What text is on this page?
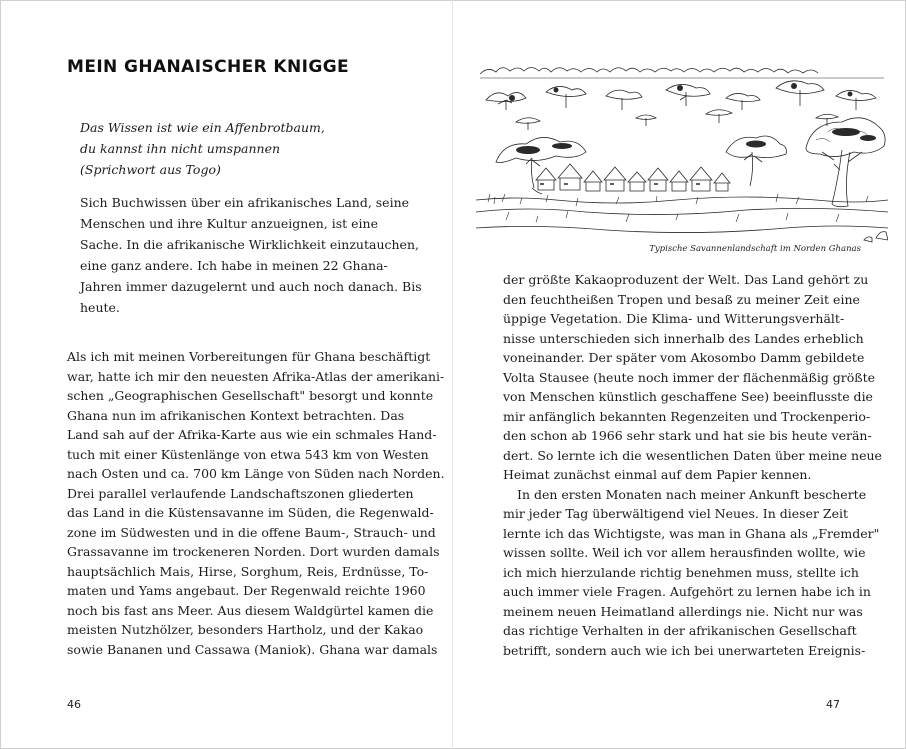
MEIN GHANAISCHER KNIGGE
Das Wissen ist wie ein Affenbrotbaum,
du kannst ihn nicht umspannen
(Sprichwort aus Togo)
Sich Buchwissen über ein afrikanisches Land, seine
Menschen und ihre Kultur anzueignen, ist eine
Sache. In die afrikanische Wirklichkeit einzutauchen,
eine ganz andere. Ich habe in meinen 22 Ghana-
Jahren immer dazugelernt und auch noch danach. Bis
heute.
Als ich mit meinen Vorbereitungen für Ghana beschäftigt
war, hatte ich mir den neuesten Afrika-Atlas der amerikani-
schen „Geographischen Gesellschaft" besorgt und konnte
Ghana nun im afrikanischen Kontext betrachten. Das
Land sah auf der Afrika-Karte aus wie ein schmales Hand-
tuch mit einer Küstenlänge von etwa 543 km von Westen
nach Osten und ca. 700 km Länge von Süden nach Norden.
Drei parallel verlaufende Landschaftszonen gliederten
das Land in die Küstensavanne im Süden, die Regenwald-
zone im Südwesten und in die offene Baum-, Strauch- und
Grassavanne im trockeneren Norden. Dort wurden damals
hauptsächlich Mais, Hirse, Sorghum, Reis, Erdnüsse, To-
maten und Yams angebaut. Der Regenwald reichte 1960
noch bis fast ans Meer. Aus diesem Waldgürtel kamen die
meisten Nutzhölzer, besonders Hartholz, und der Kakao
sowie Bananen und Cassawa (Maniok). Ghana war damals
46
Typische Savannenlandschaft im Norden Ghanas
der größte Kakaoproduzent der Welt. Das Land gehört zu
den feuchtheißen Tropen und besaß zu meiner Zeit eine
üppige Vegetation. Die Klima- und Witterungsverhält-
nisse unterschieden sich innerhalb des Landes erheblich
voneinander. Der später vom Akosombo Damm gebildete
Volta Stausee (heute noch immer der flächenmäßig größte
von Menschen künstlich geschaffene See) beeinflusste die
mir anfänglich bekannten Regenzeiten und Trockenperio-
den schon ab 1966 sehr stark und hat sie bis heute verän-
dert. So lernte ich die wesentlichen Daten über meine neue
Heimat zunächst einmal auf dem Papier kennen.
In den ersten Monaten nach meiner Ankunft bescherte
mir jeder Tag überwältigend viel Neues. In dieser Zeit
lernte ich das Wichtigste, was man in Ghana als „Fremder"
wissen sollte. Weil ich vor allem herausfinden wollte, wie
ich mich hierzulande richtig benehmen muss, stellte ich
auch immer viele Fragen. Aufgehört zu lernen habe ich in
meinem neuen Heimatland allerdings nie. Nicht nur was
das richtige Verhalten in der afrikanischen Gesellschaft
betrifft, sondern auch wie ich bei unerwarteten Ereignis-
47
